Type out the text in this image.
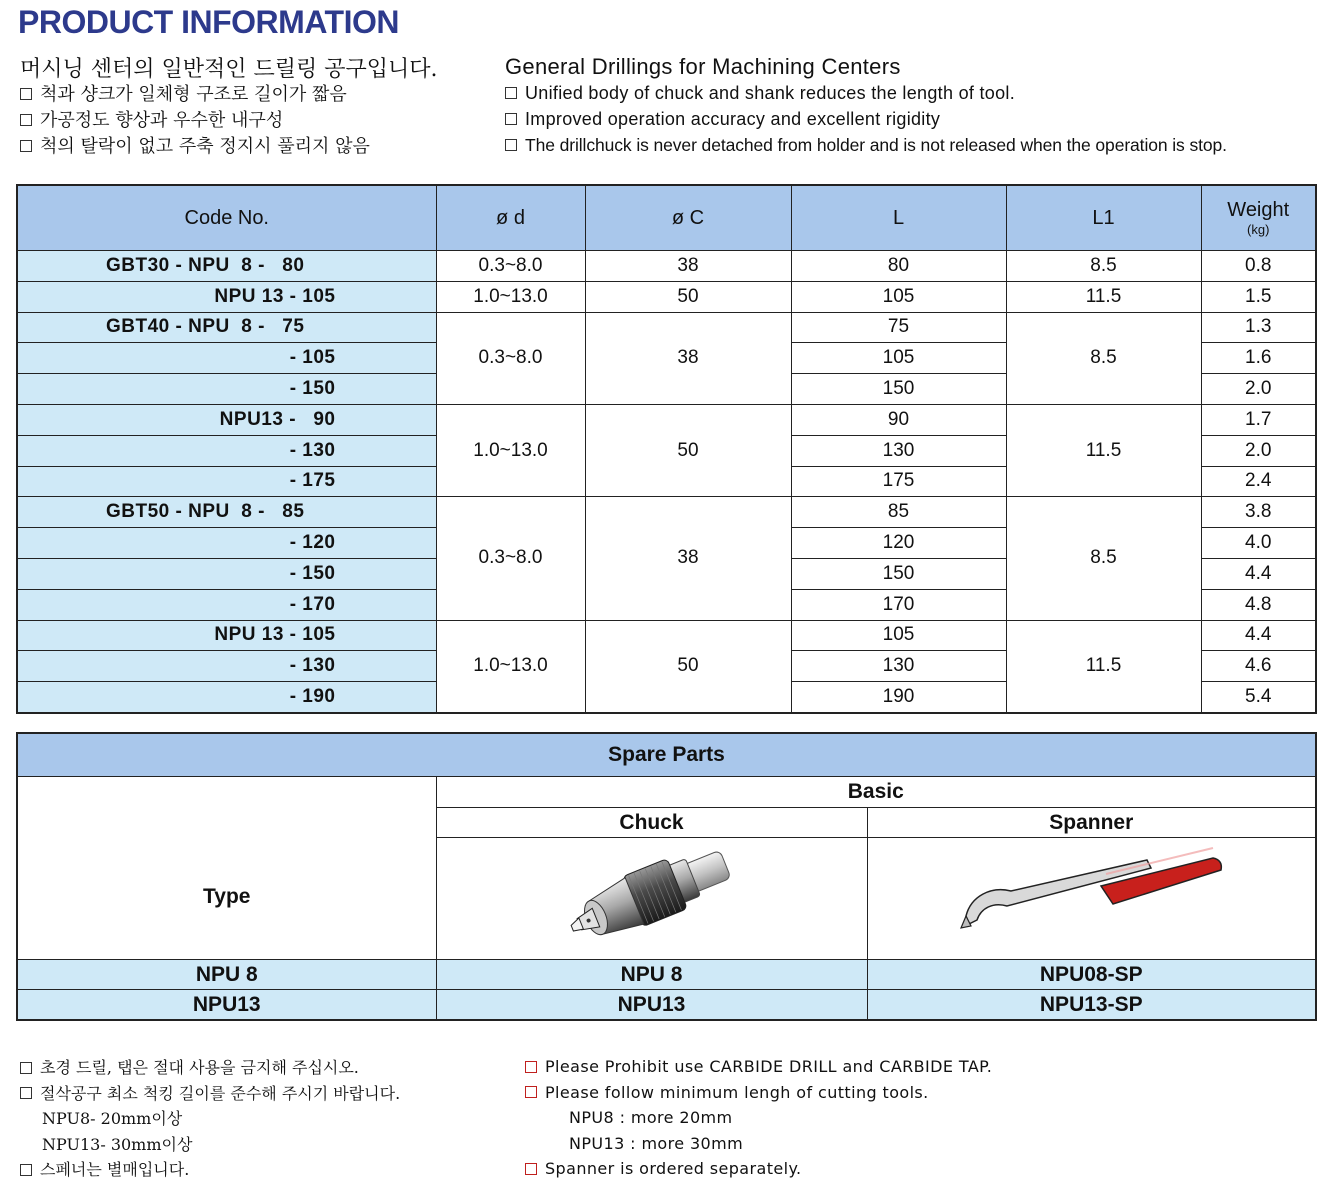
PRODUCT INFORMATION
머시닝 센터의 일반적인 드릴링 공구입니다.	General Drillings for Machining Centers
척과 샹크가 일체형 구조로 길이가 짧음	Unified body of chuck and shank reduces the length of tool.
가공정도 향상과 우수한 내구성	Improved operation accuracy and excellent rigidity
척의 탈락이 없고 주축 정지시 풀리지 않음	The drillchuck is never detached from holder and is not released when the operation is stop.
Code No.	ø d	ø C	L	L1	Weight
(kg)

GBT30 - NPU  8 -   80	0.3~8.0	38	80	8.5	0.8
NPU 13 - 105	1.0~13.0	50	105	11.5	1.5
GBT40 - NPU  8 -   75	0.3~8.0	38	75	8.5	1.3
- 105			105		1.6
- 150			150		2.0
NPU13 -   90	1.0~13.0	50	90	11.5	1.7
- 130			130		2.0
- 175			175		2.4
GBT50 - NPU  8 -   85	0.3~8.0	38	85	8.5	3.8
- 120			120		4.0
- 150			150		4.4
- 170			170		4.8
NPU 13 - 105	1.0~13.0	50	105	11.5	4.4
- 130			130		4.6
- 190			190		5.4
Spare Parts		
Type	Basic	
	Chuck	Spanner

NPU 8	NPU 8	NPU08-SP
NPU13	NPU13	NPU13-SP
초경 드릴, 탭은 절대 사용을 금지해 주십시오.	Please Prohibit use CARBIDE DRILL and CARBIDE TAP.
절삭공구 최소 척킹 길이를 준수해 주시기 바랍니다.	Please follow minimum lengh of cutting tools.
NPU8- 20mm이상	NPU8 : more 20mm
NPU13- 30mm이상	NPU13 : more 30mm
스페너는 별매입니다.	Spanner is ordered separately.
